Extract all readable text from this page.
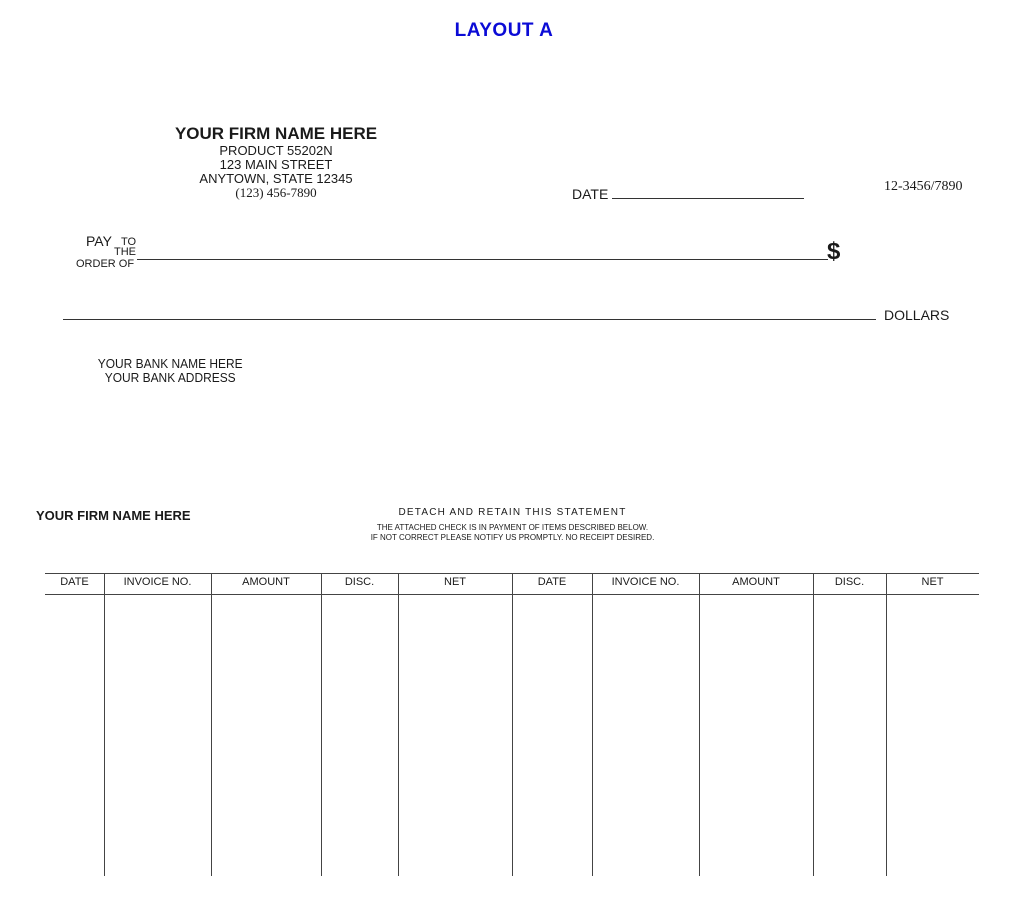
LAYOUT A
YOUR FIRM NAME HERE
PRODUCT 55202N
123 MAIN STREET
ANYTOWN, STATE 12345
(123) 456-7890	DATE	12-3456/7890
PAY TO
THE
ORDER OF	$
DOLLARS
YOUR BANK NAME HERE
YOUR BANK ADDRESS
YOUR FIRM NAME HERE	DETACH AND RETAIN THIS STATEMENT
THE ATTACHED CHECK IS IN PAYMENT OF ITEMS DESCRIBED BELOW.
IF NOT CORRECT PLEASE NOTIFY US PROMPTLY. NO RECEIPT DESIRED.
DATE	INVOICE NO.	AMOUNT	DISC.	NET	DATE	INVOICE NO.	AMOUNT	DISC.	NET
